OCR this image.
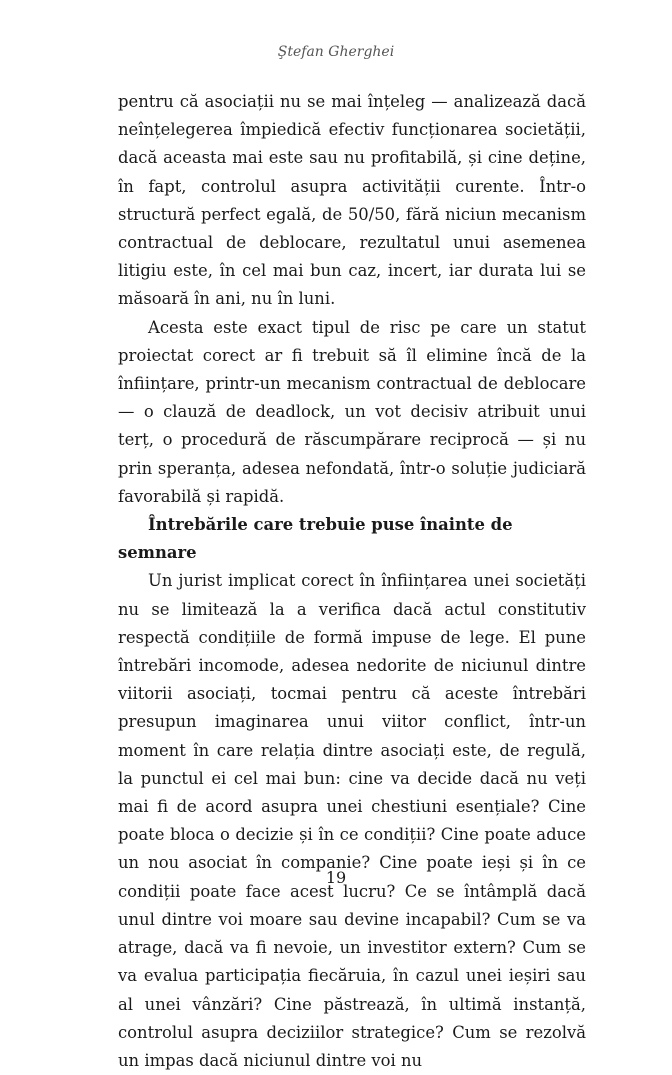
Ştefan Gherghei

pentru că asociații nu se mai înțeleg — analizează dacă neînțelegerea împiedică efectiv funcționarea societății, dacă aceasta mai este sau nu profitabilă, și cine deține, în fapt, controlul asupra activității curente. Într-o structură perfect egală, de 50/50, fără niciun mecanism contractual de deblocare, rezultatul unui asemenea litigiu este, în cel mai bun caz, incert, iar durata lui se măsoară în ani, nu în luni.

Acesta este exact tipul de risc pe care un statut proiectat corect ar fi trebuit să îl elimine încă de la înființare, printr-un mecanism contractual de deblocare — o clauză de deadlock, un vot decisiv atribuit unui terț, o procedură de răscumpărare reciprocă — și nu prin speranța, adesea nefondată, într-o soluție judiciară favorabilă și rapidă.

Întrebările care trebuie puse înainte de semnare

Un jurist implicat corect în înființarea unei societăți nu se limitează la a verifica dacă actul constitutiv respectă condițiile de formă impuse de lege. El pune întrebări incomode, adesea nedorite de niciunul dintre viitorii asociați, tocmai pentru că aceste întrebări presupun imaginarea unui viitor conflict, într-un moment în care relația dintre asociați este, de regulă, la punctul ei cel mai bun: cine va decide dacă nu veți mai fi de acord asupra unei chestiuni esențiale? Cine poate bloca o decizie și în ce condiții? Cine poate aduce un nou asociat în companie? Cine poate ieși și în ce condiții poate face acest lucru? Ce se întâmplă dacă unul dintre voi moare sau devine incapabil? Cum se va atrage, dacă va fi nevoie, un investitor extern? Cum se va evalua participația fiecăruia, în cazul unei ieșiri sau al unei vânzări? Cine păstrează, în ultimă instanță, controlul asupra deciziilor strategice? Cum se rezolvă un impas dacă niciunul dintre voi nu

19
